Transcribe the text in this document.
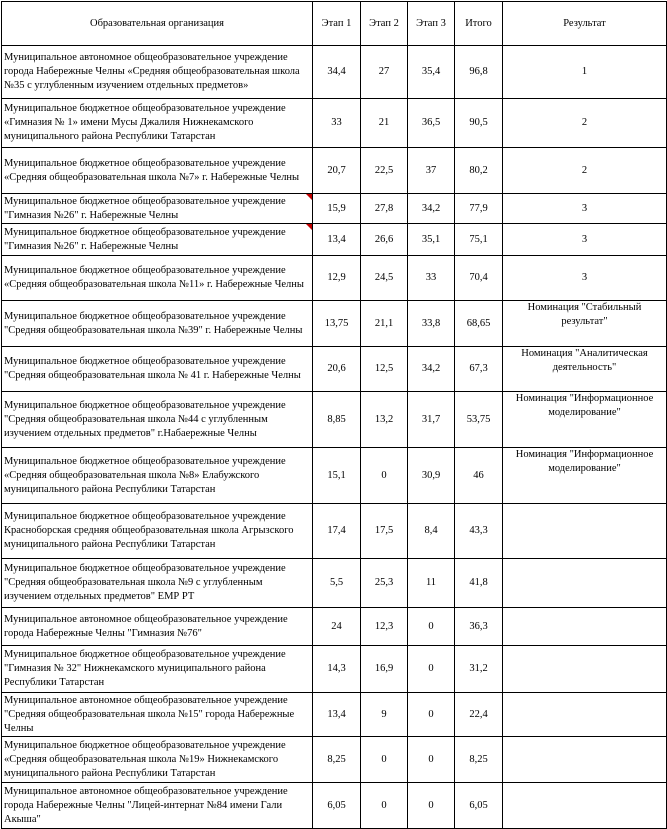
Образовательная организация	Этап 1	Этап 2	Этап 3	Итого	Результат
Муниципальное автономное общеобразовательное учреждение города Набережные Челны «Средняя общеобразовательная школа №35 с углубленным изучением отдельных предметов»	34,4	27	35,4	96,8	1
Муниципальное бюджетное общеобразовательное учреждение «Гимназия № 1» имени Мусы Джалиля Нижнекамского муниципального района Республики Татарстан	33	21	36,5	90,5	2
Муниципальное бюджетное общеобразовательное учреждение «Средняя общеобразовательная школа №7» г. Набережные Челны	20,7	22,5	37	80,2	2
Муниципальное бюджетное общеобразовательное учреждение "Гимназия №26" г. Набережные Челны	15,9	27,8	34,2	77,9	3
Муниципальное бюджетное общеобразовательное учреждение "Гимназия №26" г. Набережные Челны	13,4	26,6	35,1	75,1	3
Муниципальное бюджетное общеобразовательное учреждение «Средняя общеобразовательная школа №11» г. Набережные Челны	12,9	24,5	33	70,4	3
Муниципальное бюджетное общеобразовательное учреждение "Средняя общеобразовательная школа №39" г. Набережные Челны	13,75	21,1	33,8	68,65	Номинация "Стабильный результат"
Муниципальное бюджетное общеобразовательное учреждение "Средняя общеобразовательная школа № 41 г. Набережные Челны	20,6	12,5	34,2	67,3	Номинация "Аналитическая деятельность"
Муниципальное бюджетное общеобразовательное учреждение "Средняя общеобразовательная школа №44 с углубленным изучением отдельных предметов" г.Набаережные Челны	8,85	13,2	31,7	53,75	Номинация "Информационное моделирование"
Муниципальное бюджетное общеобразовательное учреждение «Средняя общеобразовательная школа №8» Елабужского муниципального района Республики Татарстан	15,1	0	30,9	46	Номинация "Информационное моделирование"
Муниципальное бюджетное общеобразовательное учреждение Красноборская средняя общеобразовательная школа Агрызского муниципального района Республики Татарстан	17,4	17,5	8,4	43,3	
Муниципальное бюджетное общеобразовательное учреждение "Средняя общеобразовательная школа №9 с углубленным изучением отдельных предметов" ЕМР РТ	5,5	25,3	11	41,8	
Муниципальное автономное общеобразовательное учреждение города Набережные Челны "Гимназия №76"	24	12,3	0	36,3	
Муниципальное бюджетное общеобразовательное учреждение "Гимназия № 32" Нижнекамского муниципального района Республики Татарстан	14,3	16,9	0	31,2	
Муниципальное автономное общеобразовательное учреждение "Средняя общеобразовательная школа №15" города Набережные Челны	13,4	9	0	22,4	
Муниципальное бюджетное общеобразовательное учреждение «Средняя общеобразовательная школа №19» Нижнекамского муниципального района Республики Татарстан	8,25	0	0	8,25	
Муниципальное автономное общеобразовательное учреждение города Набережные Челны "Лицей-интернат №84 имени Гали Акыша"	6,05	0	0	6,05	
